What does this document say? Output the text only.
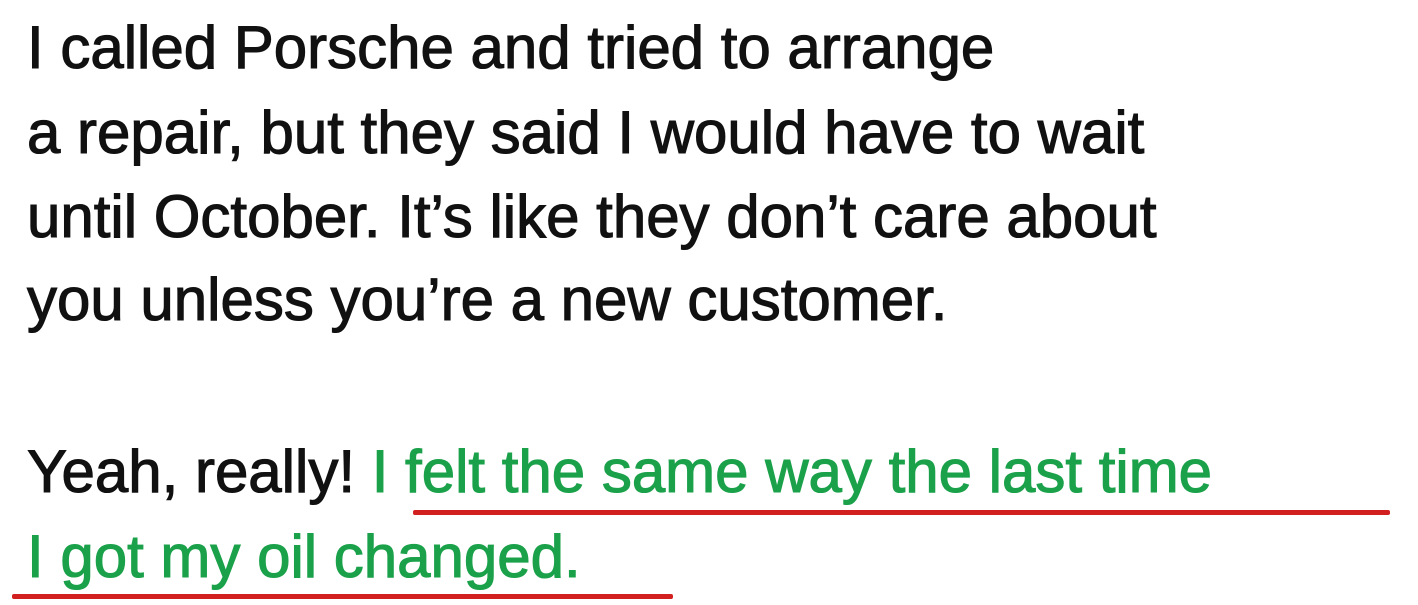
I called Porsche and tried to arrange

a repair, but they said I would have to wait

until October. It’s like they don’t care about

you unless you’re a new customer.

Yeah, really! I felt the same way the last time

I got my oil changed.
